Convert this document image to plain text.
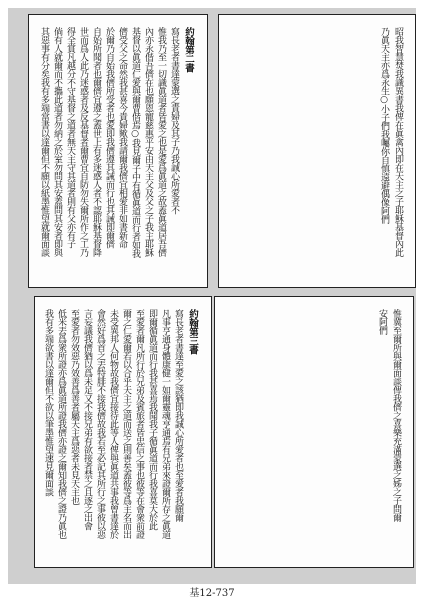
約翰第二書
寫長老者書達蒙選之貴婦及其子乃我誠心所愛者不
惟我乃至一切識眞道者皆愛之也是愛爲眞道之故蓋眞道居吾儕
內亦永偕吾儕在也願恩寵慈惠平安由天主父及父之子我主耶穌
基督以眞道仁愛與爾曹偕焉○我見爾子中有循眞道而行者如我
儕受父之命然我甚喜今貴婦歟我請爾我儕宜相愛非如書新命
於爾乃自始我儕所受者也愛即我儕遵其誡而行也其誡即爾儕
自始所聞者也爾儕宜遵之蓋世上有多迷惑人者不認耶穌基督降
世而爲人此乃迷惑者及反基督者爾曹宜自防勿失爾所作之工乃
得全賞凡越分不守基督之道者無天主守其道者則有父亦有子
倘有人就爾而不攜此道者勿納之於室勿問其安蓋問其安者即與
其惡事有分矣我有多端當書以達爾但不願以紙墨惟望就爾面談	昭我智慧焚我識異書我俾在眞禽內即在天主之子耶穌基督內此
乃眞天主亦爲永生○小子們我囑你自慎遠避偶像阿們
約翰第三書
寫長老者書達至愛之該猶即我誠心所愛者也至愛者我願爾
凡事亨通身體康健一如爾靈魂亨通焉有兄弟來證爾所存之眞道
即爾循眞道而行我甚喜焉我聞我子循眞道而行我喜莫大於此
至愛者爾凡所行於兄弟及賓旅者皆忠信之事也彼等在會衆前證
爾之仁愛爾若以合乎天主之道而送之則善矣蓋彼等爲主名而出
未受異邦人何物故我儕宜接待此等人俾與眞道共事我曾書達於
會然好爲首之丟特腓不接我儕故我若至必記其所行之事彼以惡
言妄議我儕猶以爲未足又不接兄弟有欲接者禁之且逐之出會
至愛者勿效惡乃效善爲善者屬天主爲惡者未見天主也
低米丟爲衆所證亦爲眞道所證我儕亦證之爾知我儕之證乃眞也
我有多端欲書以達爾但不欲以筆墨惟望速見爾面談	惟冀至爾所與爾面談俾我儕之喜樂充滿蒙選之姊之子問爾
安阿們
基12-737
